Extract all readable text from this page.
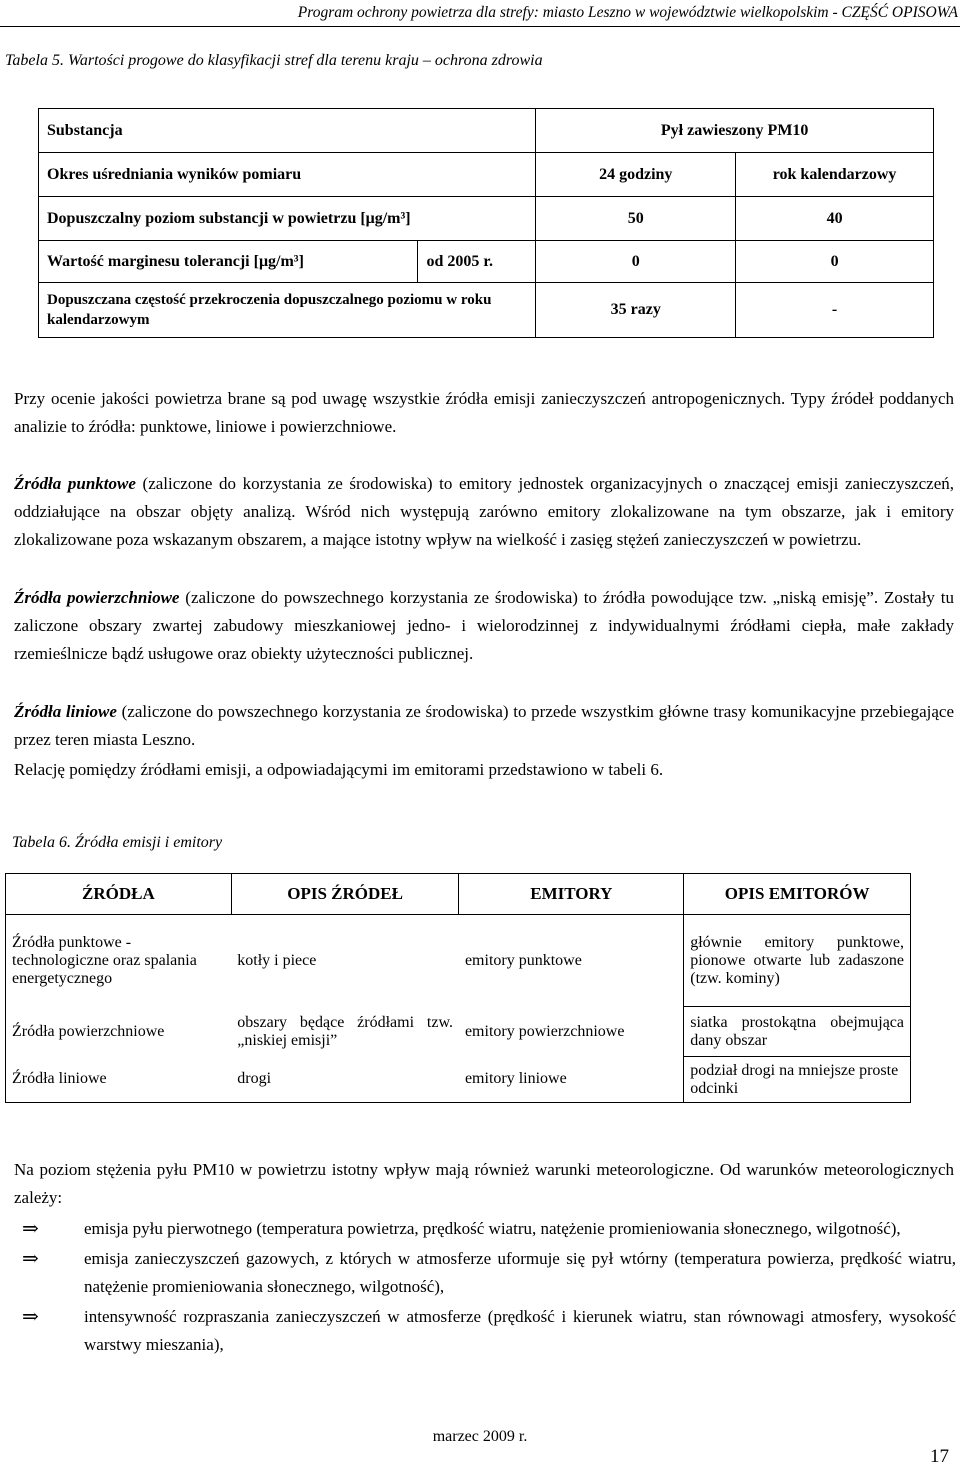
Program ochrony powietrza dla strefy: miasto Leszno w województwie wielkopolskim - CZĘŚĆ OPISOWA
Tabela 5. Wartości progowe do klasyfikacji stref dla terenu kraju – ochrona zdrowia
Substancja		Pył zawieszony PM10	
Okres uśredniania wyników pomiaru		24 godziny	rok kalendarzowy
Dopuszczalny poziom substancji w powietrzu [μg/m³]		50	40
Wartość marginesu tolerancji [μg/m³]	od 2005 r.	0	0
Dopuszczana częstość przekroczenia dopuszczalnego poziomu w roku kalendarzowym		35 razy	-
Przy ocenie jakości powietrza brane są pod uwagę wszystkie źródła emisji zanieczyszczeń antropogenicznych. Typy źródeł poddanych analizie to źródła: punktowe, liniowe i powierzchniowe.
Źródła punktowe (zaliczone do korzystania ze środowiska) to emitory jednostek organizacyjnych o znaczącej emisji zanieczyszczeń, oddziałujące na obszar objęty analizą. Wśród nich występują zarówno emitory zlokalizowane na tym obszarze, jak i emitory zlokalizowane poza wskazanym obszarem, a mające istotny wpływ na wielkość i zasięg stężeń zanieczyszczeń w powietrzu.
Źródła powierzchniowe (zaliczone do powszechnego korzystania ze środowiska) to źródła powodujące tzw. „niską emisję”. Zostały tu zaliczone obszary zwartej zabudowy mieszkaniowej jedno- i wielorodzinnej z indywidualnymi źródłami ciepła, małe zakłady rzemieślnicze bądź usługowe oraz obiekty użyteczności publicznej.
Źródła liniowe (zaliczone do powszechnego korzystania ze środowiska) to przede wszystkim główne trasy komunikacyjne przebiegające przez teren miasta Leszno.
Relację pomiędzy źródłami emisji, a odpowiadającymi im emitorami przedstawiono w tabeli 6.
Tabela 6. Źródła emisji i emitory
ŹRÓDŁA	OPIS ŹRÓDEŁ	EMITORY	OPIS EMITORÓW
Źródła punktowe - technologiczne oraz spalania energetycznego	kotły i piece	emitory punktowe	głównie emitory punktowe, pionowe otwarte lub zadaszone (tzw. kominy)
Źródła powierzchniowe	obszary będące źródłami tzw. „niskiej emisji”	emitory powierzchniowe	siatka prostokątna obejmująca dany obszar
Źródła liniowe	drogi	emitory liniowe	podział drogi na mniejsze proste odcinki
Na poziom stężenia pyłu PM10 w powietrzu istotny wpływ mają również warunki meteorologiczne. Od warunków meteorologicznych zależy:
⇒	emisja pyłu pierwotnego (temperatura powietrza, prędkość wiatru, natężenie promieniowania słonecznego, wilgotność),
⇒	emisja zanieczyszczeń gazowych, z których w atmosferze uformuje się pył wtórny (temperatura powierza, prędkość wiatru, natężenie promieniowania słonecznego, wilgotność),
⇒	intensywność rozpraszania zanieczyszczeń w atmosferze (prędkość i kierunek wiatru, stan równowagi atmosfery, wysokość warstwy mieszania),
marzec 2009 r.
17
